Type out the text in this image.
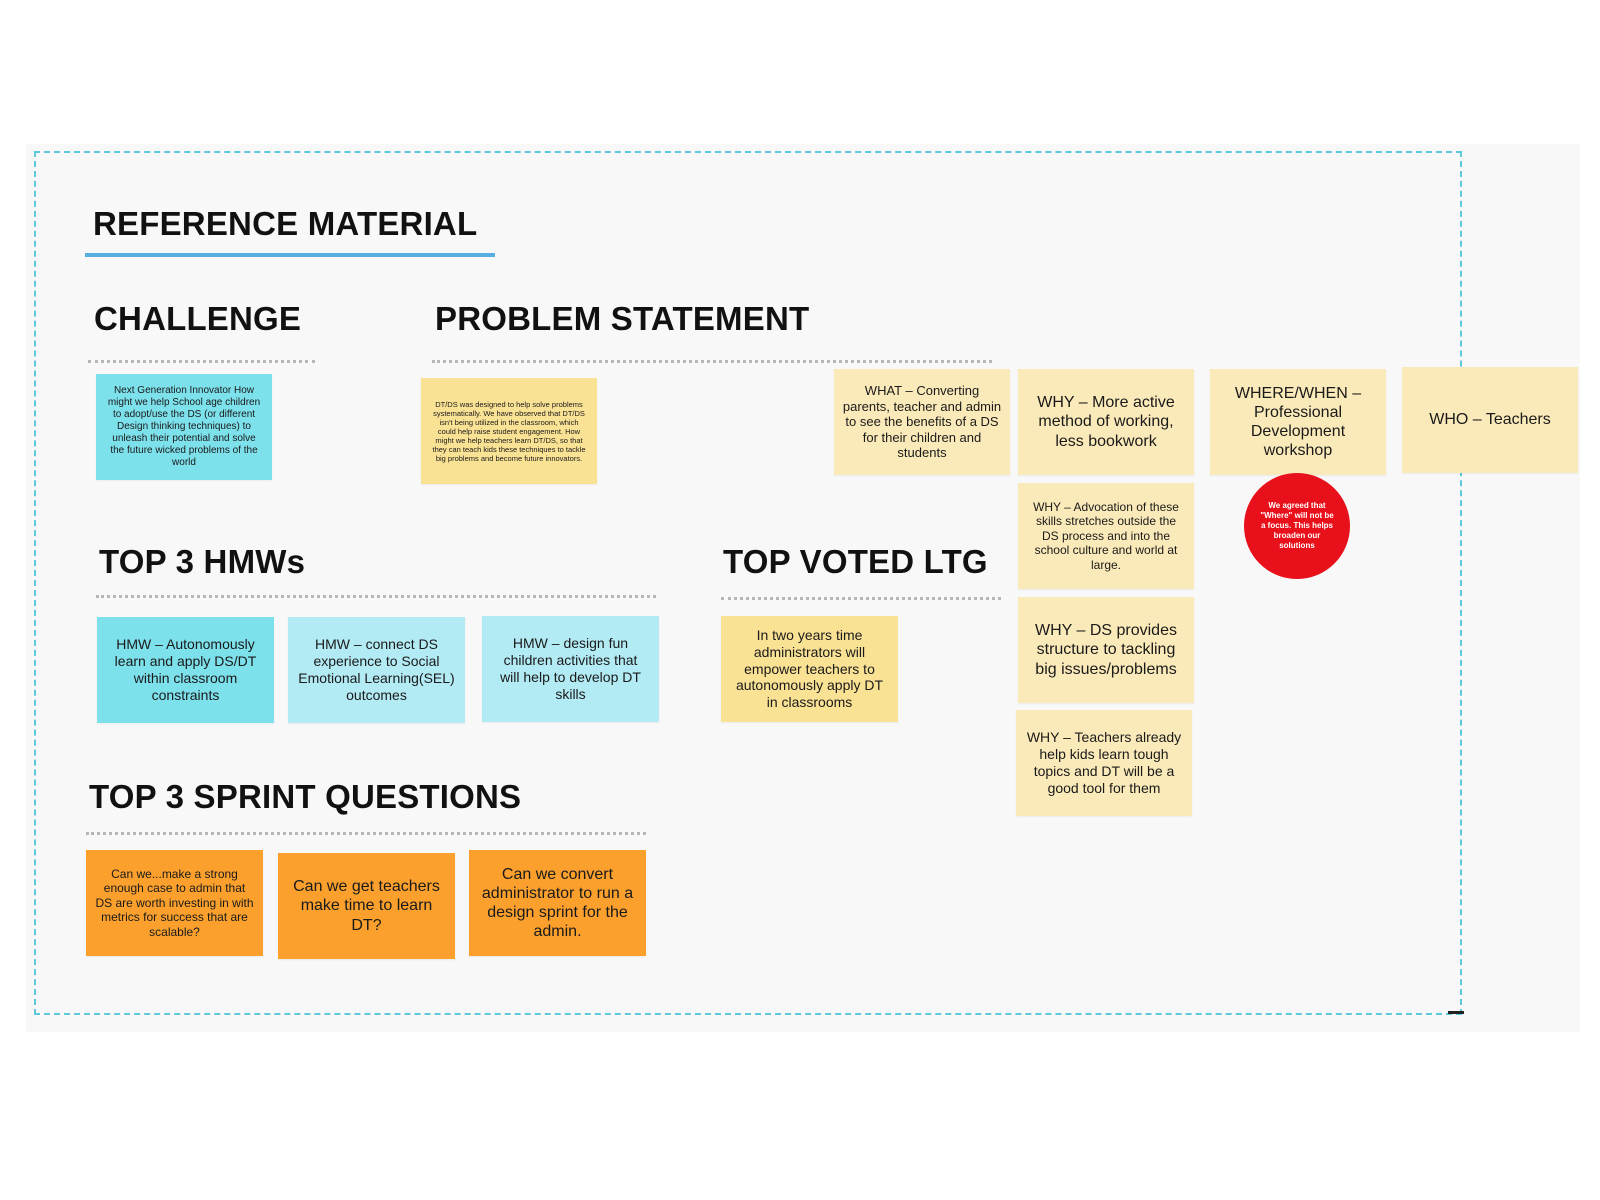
REFERENCE MATERIAL
CHALLENGE
Next Generation Innovator How might we help School age children to adopt/use the DS (or different Design thinking techniques) to unleash their potential and solve the future wicked problems of the world
PROBLEM STATEMENT
DT/DS was designed to help solve problems systematically. We have observed that DT/DS isn't being utilized in the classroom, which could help raise student engagement. How might we help teachers learn DT/DS, so that they can teach kids these techniques to tackle big problems and become future innovators.
WHAT – Converting parents, teacher and admin to see the benefits of a DS for their children and students
WHY – More active method of working, less bookwork
WHERE/WHEN – Professional Development workshop
WHO – Teachers
WHY – Advocation of these skills stretches outside the DS process and into the school culture and world at large.
WHY – DS provides structure to tackling big issues/problems
WHY – Teachers already help kids learn tough topics and DT will be a good tool for them
We agreed that "Where" will not be a focus. This helps broaden our solutions
TOP 3 HMWs
HMW – Autonomously learn and apply DS/DT within classroom constraints
HMW – connect DS experience to Social Emotional Learning(SEL) outcomes
HMW – design fun children activities that will help to develop DT skills
TOP VOTED LTG
In two years time administrators will empower teachers to autonomously apply DT in classrooms
TOP 3 SPRINT QUESTIONS
Can we...make a strong enough case to admin that DS are worth investing in with metrics for success that are scalable?
Can we get teachers make time to learn DT?
Can we convert administrator to run a design sprint for the admin.
